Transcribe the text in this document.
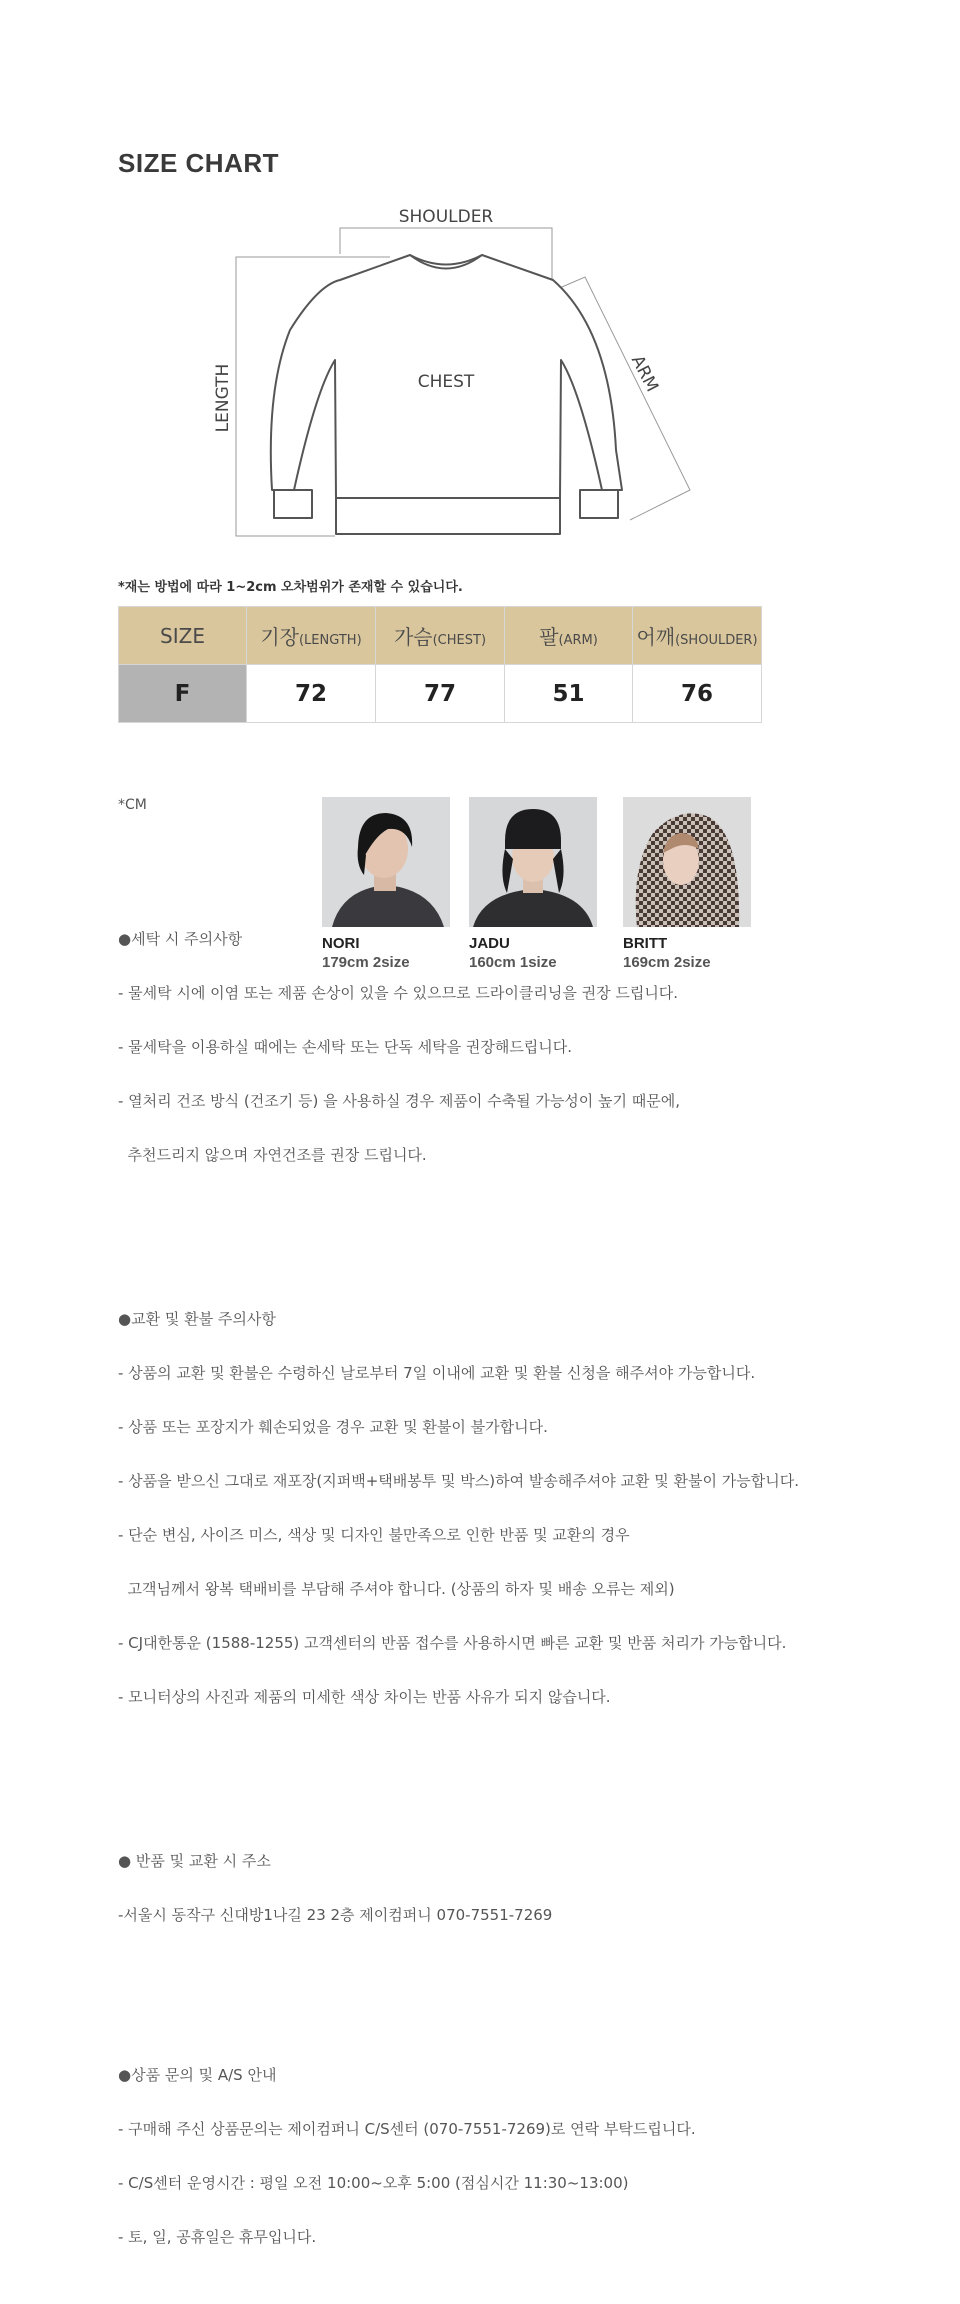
SIZE CHART
SHOULDER
CHEST
LENGTH	ARM
*재는 방법에 따라 1~2cm 오차범위가 존재할 수 있습니다.
SIZE	기장(LENGTH)	가슴(CHEST)	팔(ARM)	어깨(SHOULDER)
F	72	77	51	76
*CM
NORI
179cm 2size
JADU
160cm 1size
BRITT
169cm 2size
●세탁 시 주의사항
- 물세탁 시에 이염 또는 제품 손상이 있을 수 있으므로 드라이클리닝을 권장 드립니다.
- 물세탁을 이용하실 때에는 손세탁 또는 단독 세탁을 권장해드립니다.
- 열처리 건조 방식 (건조기 등) 을 사용하실 경우 제품이 수축될 가능성이 높기 때문에,
추천드리지 않으며 자연건조를 권장 드립니다.
●교환 및 환불 주의사항
- 상품의 교환 및 환불은 수령하신 날로부터 7일 이내에 교환 및 환불 신청을 해주셔야 가능합니다.
- 상품 또는 포장지가 훼손되었을 경우 교환 및 환불이 불가합니다.
- 상품을 받으신 그대로 재포장(지퍼백+택배봉투 및 박스)하여 발송해주셔야 교환 및 환불이 가능합니다.
- 단순 변심, 사이즈 미스, 색상 및 디자인 불만족으로 인한 반품 및 교환의 경우
고객님께서 왕복 택배비를 부담해 주셔야 합니다. (상품의 하자 및 배송 오류는 제외)
- CJ대한통운 (1588-1255) 고객센터의 반품 접수를 사용하시면 빠른 교환 및 반품 처리가 가능합니다.
- 모니터상의 사진과 제품의 미세한 색상 차이는 반품 사유가 되지 않습니다.
● 반품 및 교환 시 주소
-서울시 동작구 신대방1나길 23 2층 제이컴퍼니 070-7551-7269
●상품 문의 및 A/S 안내
- 구매해 주신 상품문의는 제이컴퍼니 C/S센터 (070-7551-7269)로 연락 부탁드립니다.
- C/S센터 운영시간 : 평일 오전 10:00~오후 5:00 (점심시간 11:30~13:00)
- 토, 일, 공휴일은 휴무입니다.
